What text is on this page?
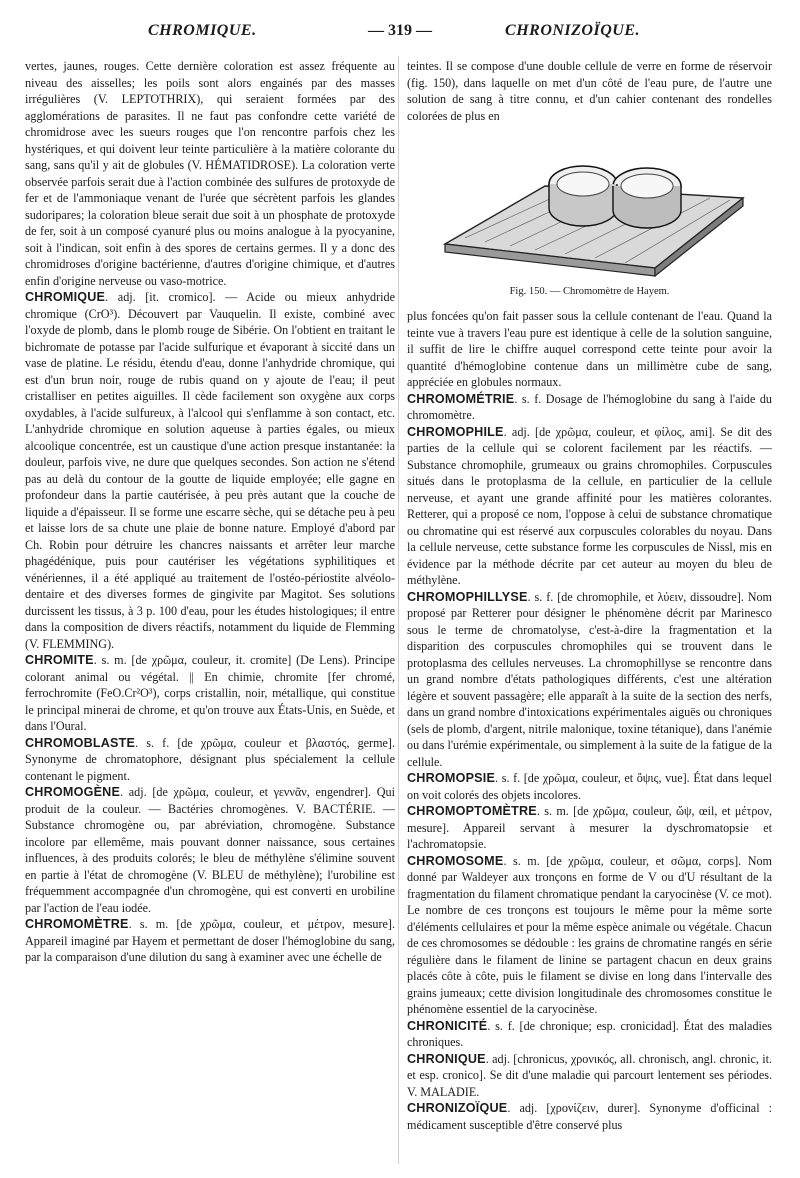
CHROMIQUE.	— 319 —	CHRONIZOÏQUE.

vertes, jaunes, rouges. Cette dernière coloration est assez fréquente au niveau des aisselles; les poils sont alors engainés par des masses irrégulières (V. LEPTOTHRIX), qui seraient formées par des agglomérations de parasites. Il ne faut pas confondre cette variété de chromidrose avec les sueurs rouges que l'on rencontre parfois chez les hystériques, et qui doivent leur teinte particulière à la matière colorante du sang, sans qu'il y ait de globules (V. HÉMATIDROSE). La coloration verte observée parfois serait due à l'action combinée des sulfures de protoxyde de fer et de l'ammoniaque venant de l'urée que sécrètent parfois les glandes sudoripares; la coloration bleue serait due soit à un phosphate de protoxyde de fer, soit à un composé cyanuré plus ou moins analogue à la pyocyanine, soit à l'indican, soit enfin à des spores de certains germes. Il y a donc des chromidroses d'origine bactérienne, d'autres d'origine chimique, et d'autres enfin d'origine nerveuse ou vaso-motrice.

CHROMIQUE. adj. [it. cromico]. — Acide ou mieux anhydride chromique (CrO³). Découvert par Vauquelin. Il existe, combiné avec l'oxyde de plomb, dans le plomb rouge de Sibérie. On l'obtient en traitant le bichromate de potasse par l'acide sulfurique et évaporant à siccité dans un vase de platine. Le résidu, étendu d'eau, donne l'anhydride chromique, qui est d'un brun noir, rouge de rubis quand on y ajoute de l'eau; il peut cristalliser en petites aiguilles. Il cède facilement son oxygène aux corps oxydables, à l'acide sulfureux, à l'alcool qui s'enflamme à son contact, etc. L'anhydride chromique en solution aqueuse à parties égales, ou mieux alcoolique concentrée, est un caustique d'une action presque instantanée: la douleur, parfois vive, ne dure que quelques secondes. Son action ne s'étend pas au delà du contour de la goutte de liquide employée; elle gagne en profondeur dans la partie cautérisée, à peu près autant que la couche de liquide a d'épaisseur. Il se forme une escarre sèche, qui se détache peu à peu et laisse lors de sa chute une plaie de bonne nature. Employé d'abord par Ch. Robin pour détruire les chancres naissants et arrêter leur marche phagédénique, puis pour cautériser les végétations syphilitiques et vénériennes, il a été appliqué au traitement de l'ostéo-périostite alvéolo-dentaire et des diverses formes de gingivite par Magitot. Ses solutions durcissent les tissus, à 3 p. 100 d'eau, pour les études histologiques; il entre dans la composition de divers réactifs, notamment du liquide de Flemming (V. FLEMMING).

CHROMITE. s. m. [de χρῶμα, couleur, it. cromite] (De Lens). Principe colorant animal ou végétal. || En chimie, chromite [fer chromé, ferrochromite (FeO.Cr²O³), corps cristallin, noir, métallique, qui constitue le principal minerai de chrome, et qu'on trouve aux États-Unis, en Suède, et dans l'Oural.

CHROMOBLASTE. s. f. [de χρῶμα, couleur et βλαστός, germe]. Synonyme de chromatophore, désignant plus spécialement la cellule contenant le pigment.

CHROMOGÈNE. adj. [de χρῶμα, couleur, et γεννᾶν, engendrer]. Qui produit de la couleur. — Bactéries chromogènes. V. BACTÉRIE. — Substance chromogène ou, par abréviation, chromogène. Substance incolore par ellemême, mais pouvant donner naissance, sous certaines influences, à des produits colorés; le bleu de méthylène s'élimine souvent en partie à l'état de chromogène (V. BLEU de méthylène); l'urobiline est fréquemment accompagnée d'un chromogène, qui est converti en urobiline par l'action de l'eau iodée.

CHROMOMÈTRE. s. m. [de χρῶμα, couleur, et μέτρον, mesure]. Appareil imaginé par Hayem et permettant de doser l'hémoglobine du sang, par la comparaison d'une dilution du sang à examiner avec une échelle de

teintes. Il se compose d'une double cellule de verre en forme de réservoir (fig. 150), dans laquelle on met d'un côté de l'eau pure, de l'autre une solution de sang à titre connu, et d'un cahier contenant des rondelles colorées de plus en

Fig. 150. — Chromomètre de Hayem.

plus foncées qu'on fait passer sous la cellule contenant de l'eau. Quand la teinte vue à travers l'eau pure est identique à celle de la solution sanguine, il suffit de lire le chiffre auquel correspond cette teinte pour avoir la quantité d'hémoglobine contenue dans un millimètre cube de sang, appréciée en globules normaux.

CHROMOMÉTRIE. s. f. Dosage de l'hémoglobine du sang à l'aide du chromomètre.

CHROMOPHILE. adj. [de χρῶμα, couleur, et φίλος, ami]. Se dit des parties de la cellule qui se colorent facilement par les réactifs. — Substance chromophile, grumeaux ou grains chromophiles. Corpuscules situés dans le protoplasma de la cellule, en particulier de la cellule nerveuse, et ayant une grande affinité pour les matières colorantes. Retterer, qui a proposé ce nom, l'oppose à celui de substance chromatique ou chromatine qui est réservé aux corpuscules colorables du noyau. Dans la cellule nerveuse, cette substance forme les corpuscules de Nissl, mis en évidence par la méthode décrite par cet auteur au moyen du bleu de méthylène.

CHROMOPHILLYSE. s. f. [de chromophile, et λύειν, dissoudre]. Nom proposé par Retterer pour désigner le phénomène décrit par Marinesco sous le terme de chromatolyse, c'est-à-dire la fragmentation et la disparition des corpuscules chromophiles qui se trouvent dans le protoplasma des cellules nerveuses. La chromophillyse se rencontre dans un grand nombre d'états pathologiques différents, c'est une altération légère et souvent passagère; elle apparaît à la suite de la section des nerfs, dans un grand nombre d'intoxications expérimentales aiguës ou chroniques (sels de plomb, d'argent, nitrile malonique, toxine tétanique), dans l'anémie ou dans l'urémie expérimentale, ou simplement à la suite de la fatigue de la cellule.

CHROMOPSIE. s. f. [de χρῶμα, couleur, et ὄψις, vue]. État dans lequel on voit colorés des objets incolores.

CHROMOPTOMÈTRE. s. m. [de χρῶμα, couleur, ὤψ, œil, et μέτρον, mesure]. Appareil servant à mesurer la dyschromatopsie et l'achromatopsie.

CHROMOSOME. s. m. [de χρῶμα, couleur, et σῶμα, corps]. Nom donné par Waldeyer aux tronçons en forme de V ou d'U résultant de la fragmentation du filament chromatique pendant la caryocinèse (V. ce mot). Le nombre de ces tronçons est toujours le même pour la même sorte d'éléments cellulaires et pour la même espèce animale ou végétale. Chacun de ces chromosomes se dédouble : les grains de chromatine rangés en série régulière dans le filament de linine se partagent chacun en deux grains placés côte à côte, puis le filament se divise en long dans l'intervalle des grains jumeaux; cette division longitudinale des chromosomes constitue le phénomène essentiel de la caryocinèse.

CHRONICITÉ. s. f. [de chronique; esp. cronicidad]. État des maladies chroniques.

CHRONIQUE. adj. [chronicus, χρονικός, all. chronisch, angl. chronic, it. et esp. cronico]. Se dit d'une maladie qui parcourt lentement ses périodes. V. MALADIE.

CHRONIZOÏQUE. adj. [χρονίζειν, durer]. Synonyme d'officinal : médicament susceptible d'être conservé plus
